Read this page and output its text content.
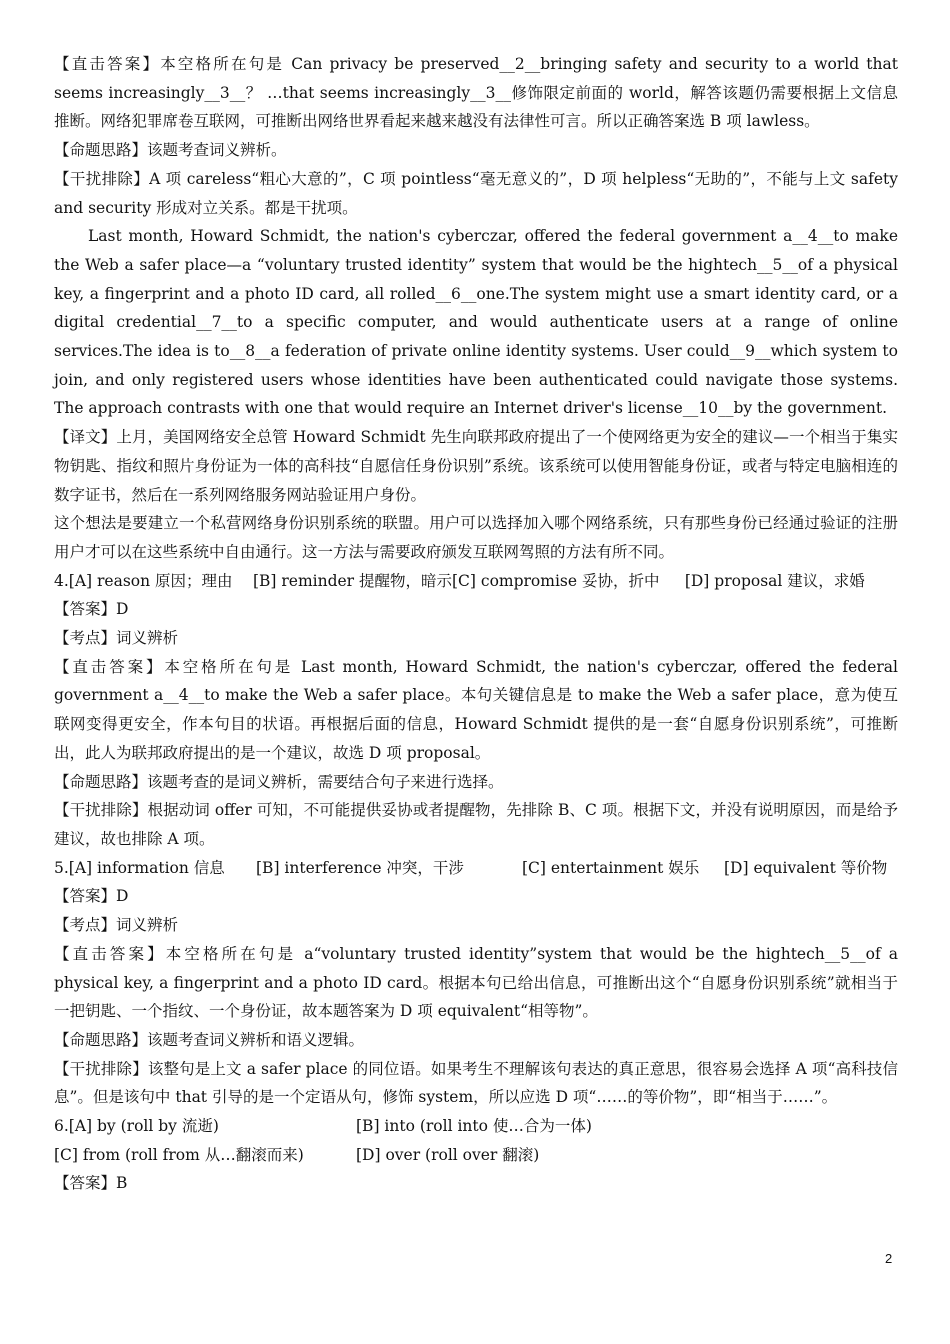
【直击答案】本空格所在句是 Can privacy be preserved__2__bringing safety and security to a world that seems increasingly__3__？ …that seems increasingly__3__修饰限定前面的 world，解答该题仍需要根据上文信息推断。网络犯罪席卷互联网，可推断出网络世界看起来越来越没有法律性可言。所以正确答案选 B 项 lawless。

【命题思路】该题考查词义辨析。

【干扰排除】A 项 careless“粗心大意的”，C 项 pointless“毫无意义的”，D 项 helpless“无助的”，不能与上文 safety and security 形成对立关系。都是干扰项。

Last month, Howard Schmidt, the nation's cyberczar, offered the federal government a__4__to make the Web a safer place—a “voluntary trusted identity” system that would be the hightech__5__of a physical key, a fingerprint and a photo ID card, all rolled__6__one.The system might use a smart identity card, or a digital credential__7__to a specific computer, and would authenticate users at a range of online services.The idea is to__8__a federation of private online identity systems. User could__9__which system to join, and only registered users whose identities have been authenticated could navigate those systems. The approach contrasts with one that would require an Internet driver's license__10__by the government.

【译文】上月，美国网络安全总管 Howard Schmidt 先生向联邦政府提出了一个使网络更为安全的建议—一个相当于集实物钥匙、指纹和照片身份证为一体的高科技“自愿信任身份识别”系统。该系统可以使用智能身份证，或者与特定电脑相连的数字证书，然后在一系列网络服务网站验证用户身份。

这个想法是要建立一个私营网络身份识别系统的联盟。用户可以选择加入哪个网络系统，只有那些身份已经通过验证的注册用户才可以在这些系统中自由通行。这一方法与需要政府颁发互联网驾照的方法有所不同。

4.[A] reason 原因；理由　 [B] reminder 提醒物，暗示[C] compromise 妥协，折中　  [D] proposal 建议，求婚

【答案】D

【考点】词义辨析

【直击答案】本空格所在句是 Last month, Howard Schmidt, the nation's cyberczar, offered the federal government a__4__to make the Web a safer place。本句关键信息是 to make the Web a safer place，意为使互联网变得更安全，作本句目的状语。再根据后面的信息，Howard Schmidt 提供的是一套“自愿身份识别系统”，可推断出，此人为联邦政府提出的是一个建议，故选 D 项 proposal。

【命题思路】该题考查的是词义辨析，需要结合句子来进行选择。

【干扰排除】根据动词 offer 可知，不可能提供妥协或者提醒物，先排除 B、C 项。根据下文，并没有说明原因，而是给予建议，故也排除 A 项。

5.[A] information 信息 [B] interference 冲突，干涉	[C] entertainment 娱乐 [D] equivalent 等价物

【答案】D

【考点】词义辨析

【直击答案】本空格所在句是 a“voluntary trusted identity”system that would be the hightech__5__of a physical key, a fingerprint and a photo ID card。根据本句已给出信息，可推断出这个“自愿身份识别系统”就相当于一把钥匙、一个指纹、一个身份证，故本题答案为 D 项 equivalent“相等物”。

【命题思路】该题考查词义辨析和语义逻辑。

【干扰排除】该整句是上文 a safer place 的同位语。如果考生不理解该句表达的真正意思，很容易会选择 A 项“高科技信息”。但是该句中 that 引导的是一个定语从句，修饰 system，所以应选 D 项“……的等价物”，即“相当于……”。

6.[A] by (roll by 流逝)	[B] into (roll into 使…合为一体)

[C] from (roll from 从…翻滚而来)	[D] over (roll over 翻滚)

【答案】B

2
